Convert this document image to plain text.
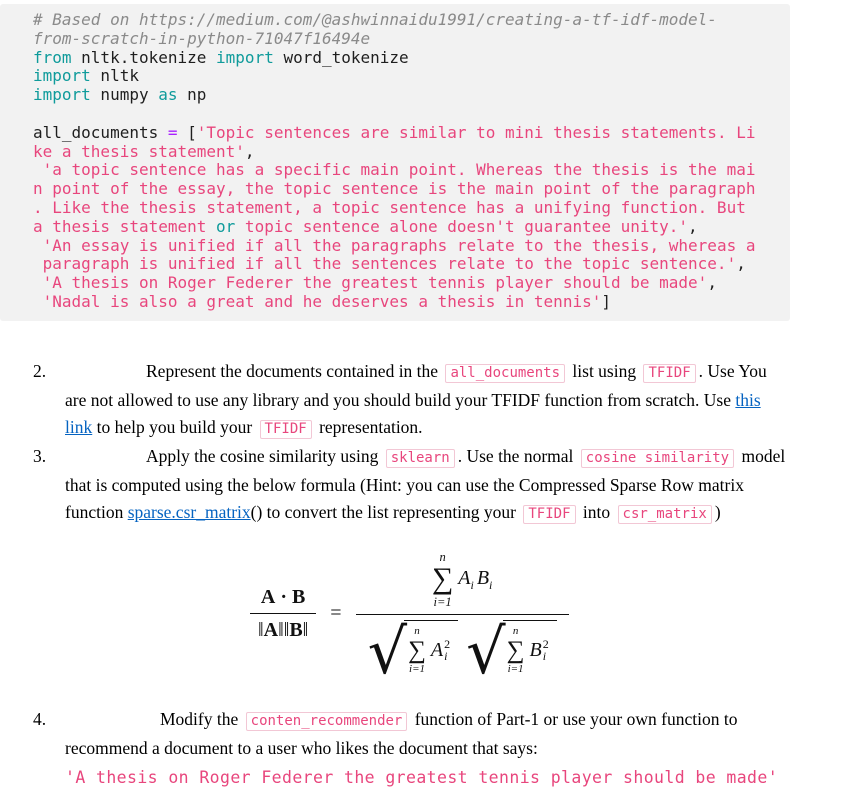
# Based on https://medium.com/@ashwinnaidu1991/creating-a-tf-idf-model-
from-scratch-in-python-71047f16494e
from nltk.tokenize import word_tokenize
import nltk
import numpy as np

all_documents = ['Topic sentences are similar to mini thesis statements. Li
ke a thesis statement',
'a topic sentence has a specific main point. Whereas the thesis is the mai
n point of the essay, the topic sentence is the main point of the paragraph
. Like the thesis statement, a topic sentence has a unifying function. But
a thesis statement or topic sentence alone doesn't guarantee unity.',
'An essay is unified if all the paragraphs relate to the thesis, whereas a
paragraph is unified if all the sentences relate to the topic sentence.',
'A thesis on Roger Federer the greatest tennis player should be made',
'Nadal is also a great and he deserves a thesis in tennis']
2.	Represent the documents contained in the all_documents list using TFIDF . Use You are not allowed to use any library and you should build your TFIDF function from scratch. Use this link to help you build your TFIDF representation.

3.	Apply the cosine similarity using sklearn . Use the normal cosine similarity model that is computed using the below formula (Hint: you can use the Compressed Sparse Row matrix function sparse.csr_matrix() to convert the list representing your TFIDF into csr_matrix )

$\frac{A \cdot B}{‖ A ‖ ‖ B ‖}$ =
n
∑
i=1
$A_i$ $B_i$
√ n
∑
i=1
A 2
i √ n
∑
i=1
B 2
i
4.	Modify the conten_recommender function of Part-1 or use your own function to recommend a document to a user who likes the document that says:

'A thesis on Roger Federer the greatest tennis player should be made'
